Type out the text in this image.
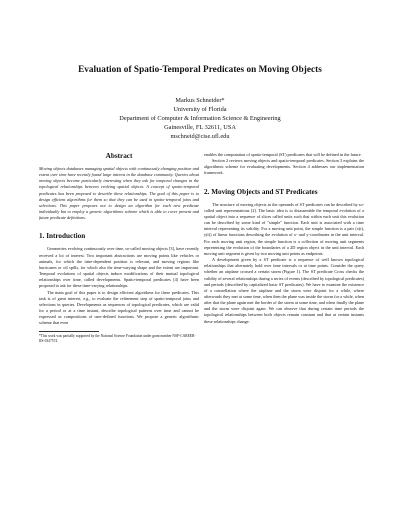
Evaluation of Spatio-Temporal Predicates on Moving Objects
Markus Schneider*
University of Florida
Department of Computer & Information Science & Engineering
Gainesville, FL 32611, USA
mschneid@cise.ufl.edu
Abstract

Moving objects databases managing spatial objects with continuously changing position and extent over time have recently found large interest in the database community. Queries about moving objects become particularly interesting when they ask for temporal changes in the topological relationships between evolving spatial objects. A concept of spatio-temporal predicates has been proposed to describe these relationships. The goal of this paper is to design efficient algorithms for them so that they can be used in spatio-temporal joins and selections. This paper proposes not to design an algorithm for each new predicate individually but to employ a generic algorithmic scheme which is able to cover present and future predicate definitions.

1. Introduction

Geometries evolving continuously over time, so-called moving objects [3], have recently received a lot of interest. Two important abstractions are moving points like vehicles or animals, for which the time-dependent position is relevant, and moving regions like hurricanes or oil spills, for which also the time-varying shape and the extent are important. Temporal evolutions of spatial objects induce modifications of their mutual topological relationships over time, called developments. Spatio-temporal predicates [4] have been proposed to ask for these time-varying relationships.

The main goal of this paper is to design efficient algorithms for these predicates. This task is of great interest, e.g., to evaluate the refinement step of spatio-temporal joins and selections in queries. Developments as sequences of topological predicates, which are valid for a period or at a time instant, describe topological patterns over time and cannot be expressed as compositions of user-defined functions. We propose a generic algorithmic scheme that even

*This work was partially supported by the National Science Foundation under grant number NSF-CAREER-IIS-0347574.

enables the computation of spatio-temporal (ST) predicates that will be defined in the future.

Section 2 reviews moving objects and spatio-temporal predicates. Section 3 explains the algorithmic scheme for evaluating developments. Section 4 addresses our implementation framework.

2. Moving Objects and ST Predicates

The structure of moving objects as the operands of ST predicates can be described by so-called unit representations [2]. The basic idea is to disassemble the temporal evolution of a spatial object into a sequence of slices called units such that within each unit this evolution can be described by some kind of "simple" function. Each unit is associated with a time interval representing its validity. For a moving unit point, the simple function is a pair (x(t), y(t)) of linear functions describing the evolution of x- and y-coordinates in the unit interval. For each moving unit region, the simple function is a collection of moving unit segments representing the evolution of the boundaries of a 2D region object in the unit interval. Each moving unit segment is given by two moving unit points as endpoints.

A development given by a ST predicate is a sequence of well known topological relationships that alternately hold over time intervals or at time points. Consider the query whether an airplane crossed a certain storm (Figure 1). The ST predicate Cross checks the validity of several relationships during a series of events (described by topological predicates) and periods (described by capitalized basic ST predicates). We have to examine the existence of a constellation where the airplane and the storm were disjoint for a while, where afterwards they met at some time, when then the plane was inside the storm for a while, when after that the plane again met the border of the storm at some time, and when finally the plane and the storm were disjoint again. We can observe that during certain time periods the topological relationships between both objects remain constant and that at certain instants these relationships change.
